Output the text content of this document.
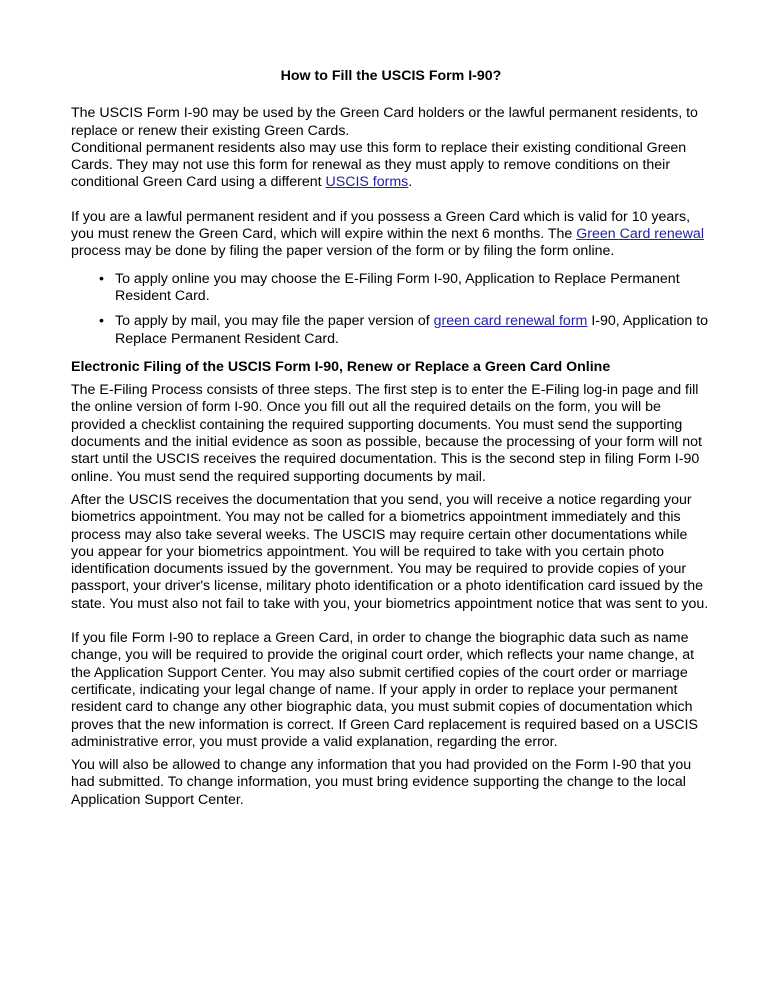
How to Fill the USCIS Form I-90?

The USCIS Form I-90 may be used by the Green Card holders or the lawful permanent residents, to replace or renew their existing Green Cards.

Conditional permanent residents also may use this form to replace their existing conditional Green Cards. They may not use this form for renewal as they must apply to remove conditions on their conditional Green Card using a different USCIS forms.

If you are a lawful permanent resident and if you possess a Green Card which is valid for 10 years, you must renew the Green Card, which will expire within the next 6 months. The Green Card renewal process may be done by filing the paper version of the form or by filing the form online.

• To apply online you may choose the E-Filing Form I-90, Application to Replace Permanent Resident Card.
• To apply by mail, you may file the paper version of green card renewal form I-90, Application to Replace Permanent Resident Card.
Electronic Filing of the USCIS Form I-90, Renew or Replace a Green Card Online

The E-Filing Process consists of three steps. The first step is to enter the E-Filing log-in page and fill the online version of form I-90. Once you fill out all the required details on the form, you will be provided a checklist containing the required supporting documents. You must send the supporting documents and the initial evidence as soon as possible, because the processing of your form will not start until the USCIS receives the required documentation. This is the second step in filing Form I-90 online. You must send the required supporting documents by mail.

After the USCIS receives the documentation that you send, you will receive a notice regarding your biometrics appointment. You may not be called for a biometrics appointment immediately and this process may also take several weeks. The USCIS may require certain other documentations while you appear for your biometrics appointment. You will be required to take with you certain photo identification documents issued by the government. You may be required to provide copies of your passport, your driver's license, military photo identification or a photo identification card issued by the state. You must also not fail to take with you, your biometrics appointment notice that was sent to you.

If you file Form I-90 to replace a Green Card, in order to change the biographic data such as name change, you will be required to provide the original court order, which reflects your name change, at the Application Support Center. You may also submit certified copies of the court order or marriage certificate, indicating your legal change of name. If your apply in order to replace your permanent resident card to change any other biographic data, you must submit copies of documentation which proves that the new information is correct. If Green Card replacement is required based on a USCIS administrative error, you must provide a valid explanation, regarding the error.

You will also be allowed to change any information that you had provided on the Form I-90 that you had submitted. To change information, you must bring evidence supporting the change to the local Application Support Center.
